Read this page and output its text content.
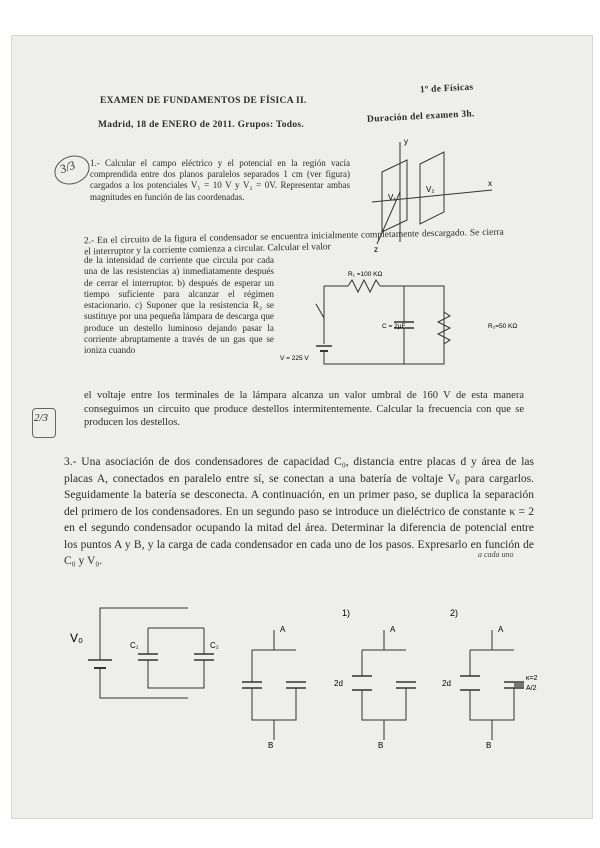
EXAMEN DE FUNDAMENTOS DE FÍSICA II.
1º de Físicas
Madrid, 18 de ENERO de 2011. Grupos: Todos.
Duración del examen 3h.
3/3 1.- Calcular el campo eléctrico y el potencial en la región vacía comprendida entre dos planos paralelos separados 1 cm (ver figura) cargados a los potenciales V₁ = 10 V y V₂ = 0V. Representar ambas magnitudes en función de las coordenadas.
y
x
z
V₁
V₂
2.- En el circuito de la figura el condensador se encuentra inicialmente completamente descargado. Se cierra el interruptor y la corriente comienza a circular. Calcular el valor
de la intensidad de corriente que circula por cada una de las resistencias a) inmediatamente después de cerrar el interruptor. b) después de esperar un tiempo suficiente para alcanzar el régimen estacionario. c) Suponer que la resistencia R₂ se sustituye por una pequeña lámpara de descarga que produce un destello luminoso dejando pasar la corriente abruptamente a través de un gas que se ioniza cuando
el voltaje entre los terminales de la lámpara alcanza un valor umbral de 160 V de esta manera conseguimos un circuito que produce destellos intermitentemente. Calcular la frecuencia con que se producen los destellos.
2/3
R₁ =100 KΩ
C = 2μF	R₂=50 KΩ
V = 225 V
3.- Una asociación de dos condensadores de capacidad C₀, distancia entre placas d y área de las placas A, conectados en paralelo entre sí, se conectan a una batería de voltaje V₀ para cargarlos. Seguidamente la batería se desconecta. A continuación, en un primer paso, se duplica la separación del primero de los condensadores. En un segundo paso se introduce un dieléctrico de constante κ = 2 en el segundo condensador ocupando la mitad del área. Determinar la diferencia de potencial entre los puntos A y B, y la carga de cada condensador en cada uno de los pasos. Expresarlo en función de C₀ y V₀.
a cada uno
V₀
C₁	C₂
A
B
1)
A
B
2d
2)
A
B
2d
κ=2
A/2
